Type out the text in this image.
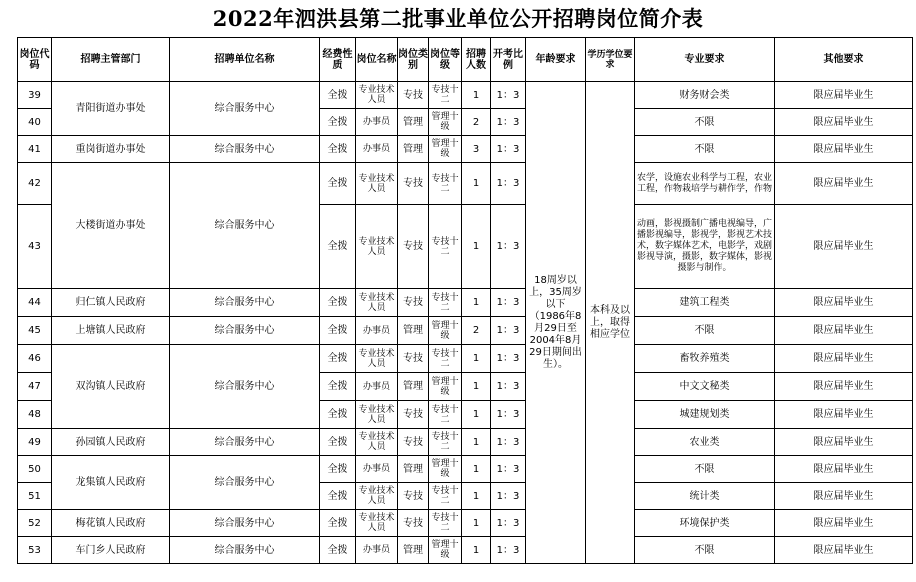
2022年泗洪县第二批事业单位公开招聘岗位简介表
岗位代码	招聘主管部门	招聘单位名称	经费性质	岗位名称	岗位类别	岗位等级	招聘人数	开考比例	年龄要求	学历学位要求	专业要求	其他要求
39	青阳街道办事处	综合服务中心	全拨	专业技术人员	专技	专技十二	1	1：3	18周岁以上，35周岁以下（1986年8月29日至2004年8月29日期间出生）。	本科及以上，取得相应学位	财务财会类	限应届毕业生
40			全拨	办事员	管理	管理十级	2	1：3			不限	限应届毕业生
41	重岗街道办事处	综合服务中心	全拨	办事员	管理	管理十级	3	1：3			不限	限应届毕业生
42	大楼街道办事处	综合服务中心	全拨	专业技术人员	专技	专技十二	1	1：3			农学，设施农业科学与工程，农业工程，作物栽培学与耕作学，作物	限应届毕业生
43			全拨	专业技术人员	专技	专技十二	1	1：3			动画，影视摄制广播电视编导，广播影视编导，影视学，影视艺术技术，数字媒体艺术，电影学，戏剧影视导演，摄影，数字媒体，影视摄影与制作。	限应届毕业生
44	归仁镇人民政府	综合服务中心	全拨	专业技术人员	专技	专技十二	1	1：3			建筑工程类	限应届毕业生
45	上塘镇人民政府	综合服务中心	全拨	办事员	管理	管理十级	2	1：3			不限	限应届毕业生
46	双沟镇人民政府	综合服务中心	全拨	专业技术人员	专技	专技十二	1	1：3			畜牧养殖类	限应届毕业生
47			全拨	办事员	管理	管理十级	1	1：3			中文文秘类	限应届毕业生
48			全拨	专业技术人员	专技	专技十二	1	1：3			城建规划类	限应届毕业生
49	孙园镇人民政府	综合服务中心	全拨	专业技术人员	专技	专技十二	1	1：3			农业类	限应届毕业生
50	龙集镇人民政府	综合服务中心	全拨	办事员	管理	管理十级	1	1：3			不限	限应届毕业生
51			全拨	专业技术人员	专技	专技十二	1	1：3			统计类	限应届毕业生
52	梅花镇人民政府	综合服务中心	全拨	专业技术人员	专技	专技十二	1	1：3			环境保护类	限应届毕业生
53	车门乡人民政府	综合服务中心	全拨	办事员	管理	管理十级	1	1：3			不限	限应届毕业生
